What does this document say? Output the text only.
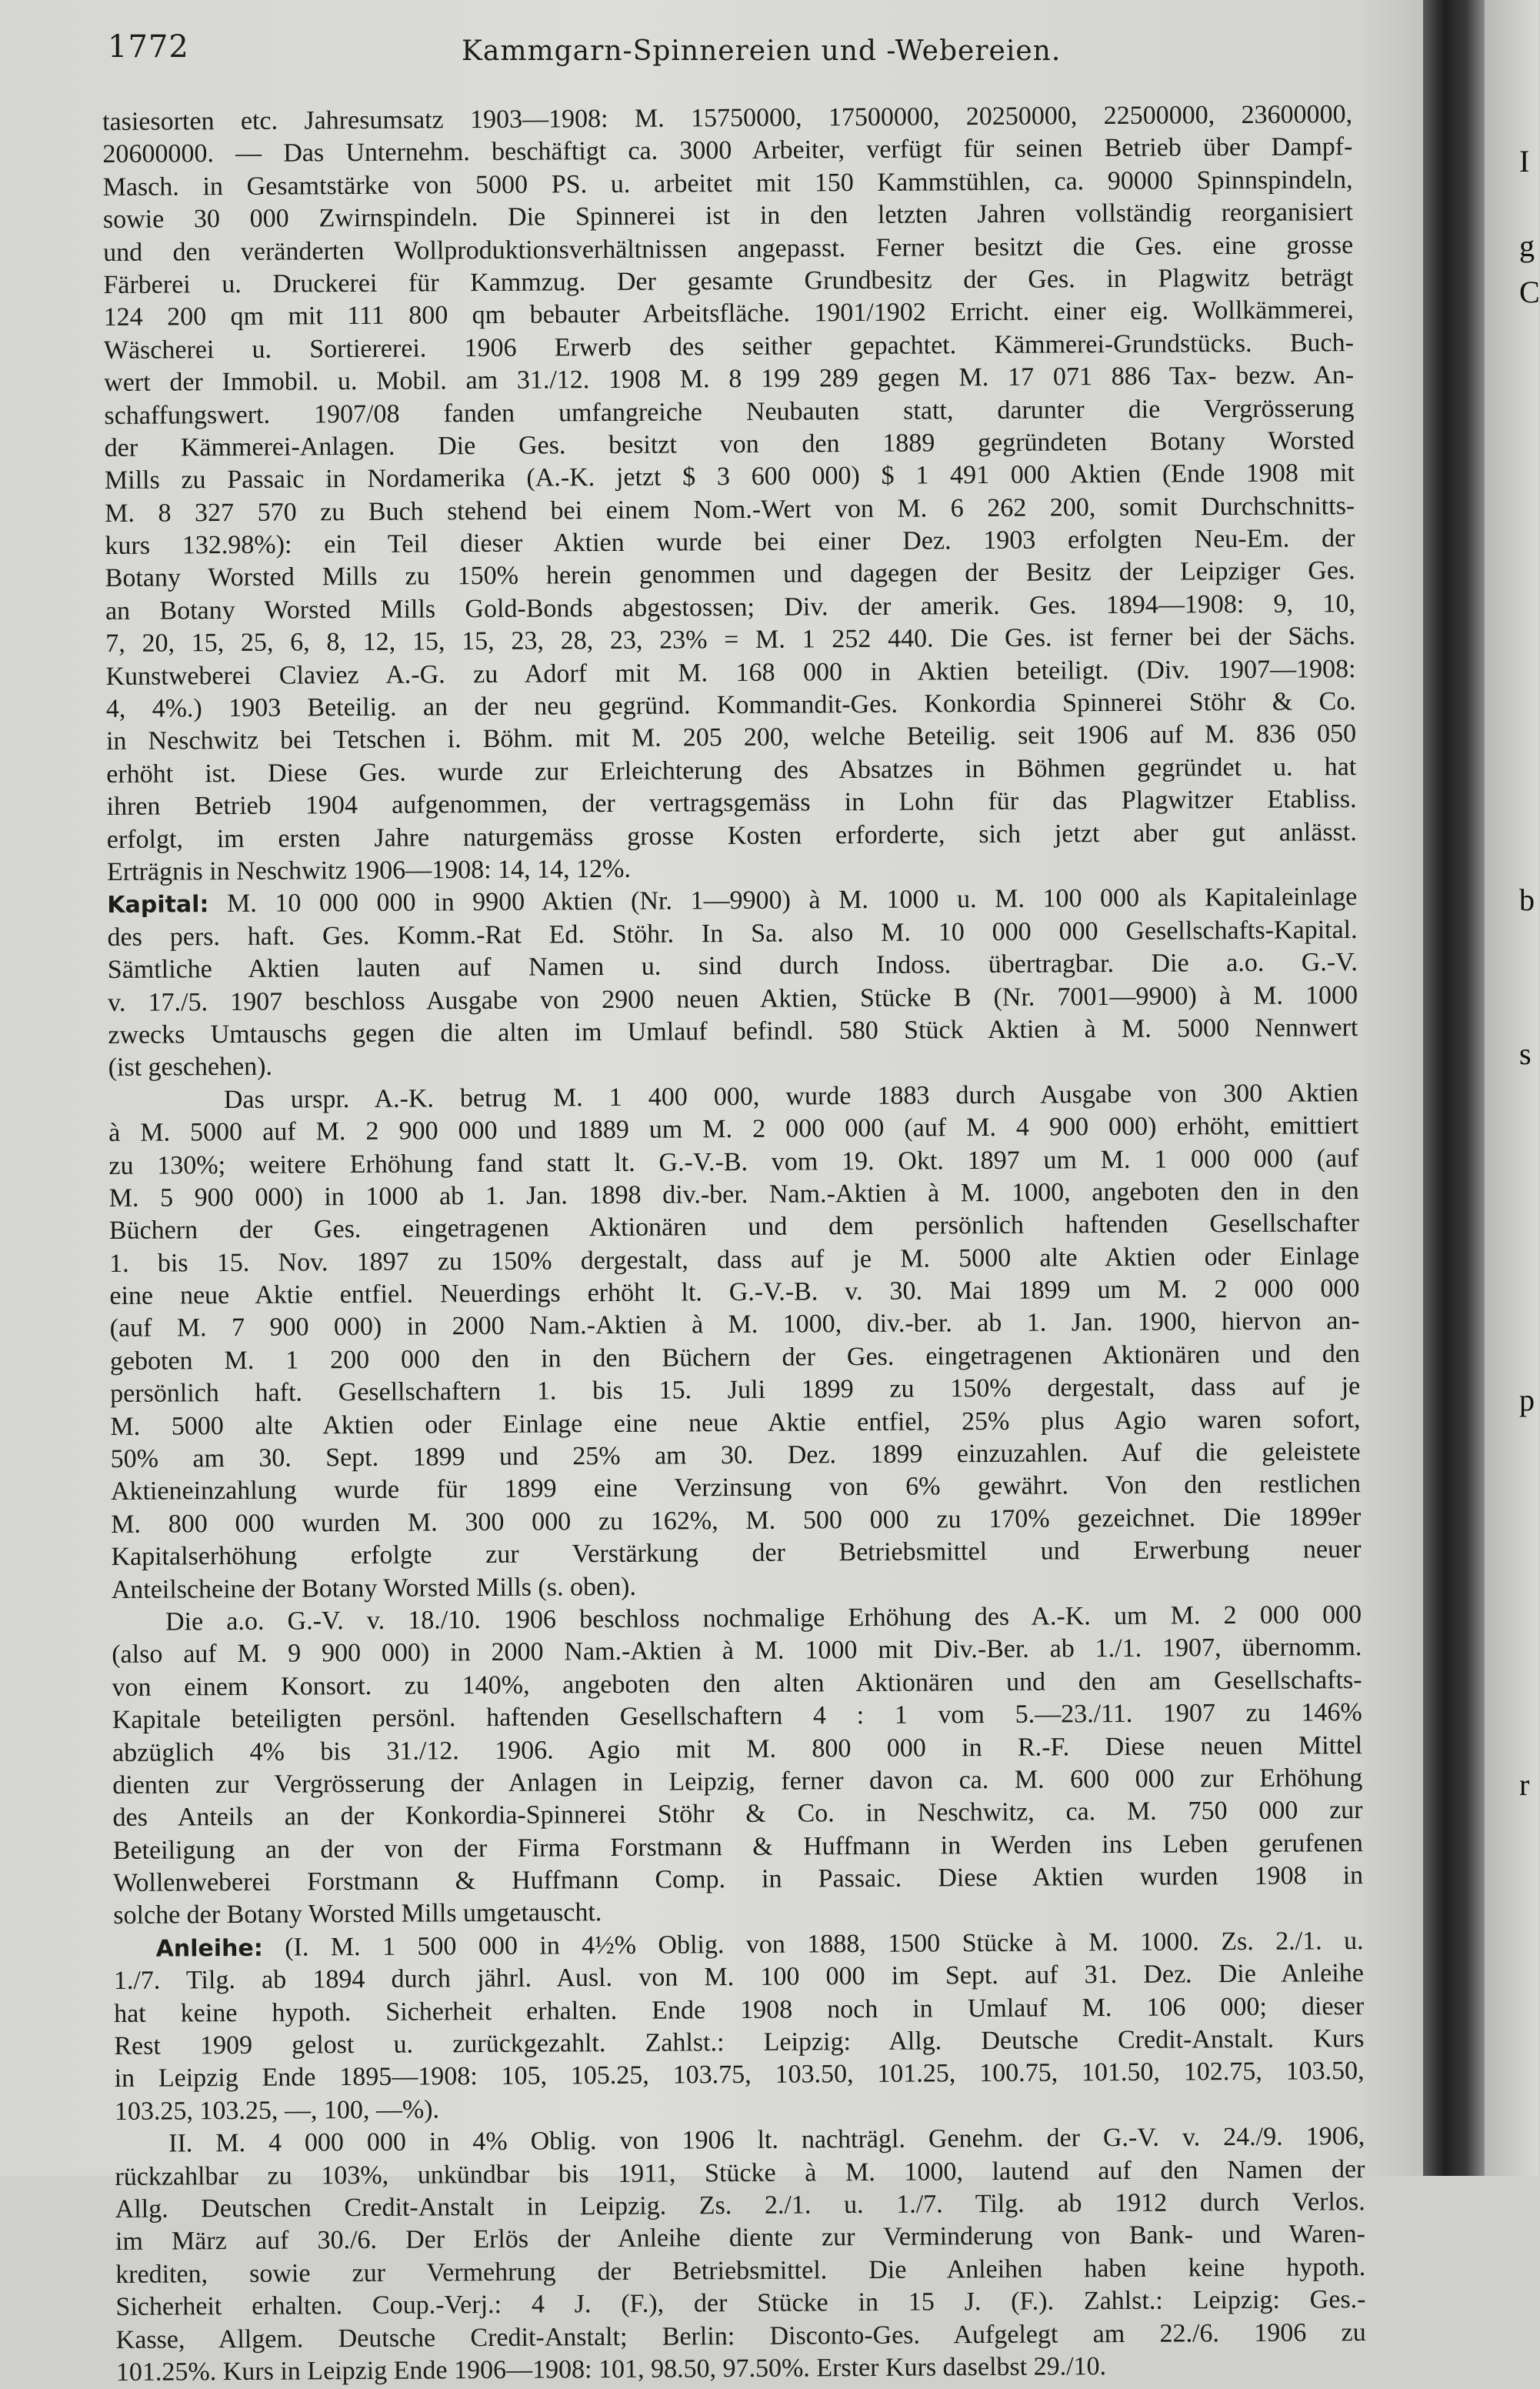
I
g
C
b
s
p
r
1772	Kammgarn-Spinnereien und -Webereien.

tasiesorten etc. Jahresumsatz 1903—1908: M. 15750000, 17500000, 20250000, 22500000, 23600000,
20600000. — Das Unternehm. beschäftigt ca. 3000 Arbeiter, verfügt für seinen Betrieb über Dampf-
Masch. in Gesamtstärke von 5000 PS. u. arbeitet mit 150 Kammstühlen, ca. 90000 Spinnspindeln,
sowie 30 000 Zwirnspindeln. Die Spinnerei ist in den letzten Jahren vollständig reorganisiert
und den veränderten Wollproduktionsverhältnissen angepasst. Ferner besitzt die Ges. eine grosse
Färberei u. Druckerei für Kammzug. Der gesamte Grundbesitz der Ges. in Plagwitz beträgt
124 200 qm mit 111 800 qm bebauter Arbeitsfläche. 1901/1902 Erricht. einer eig. Wollkämmerei,
Wäscherei u. Sortiererei. 1906 Erwerb des seither gepachtet. Kämmerei-Grundstücks. Buch-
wert der Immobil. u. Mobil. am 31./12. 1908 M. 8 199 289 gegen M. 17 071 886 Tax- bezw. An-
schaffungswert. 1907/08 fanden umfangreiche Neubauten statt, darunter die Vergrösserung
der Kämmerei-Anlagen. Die Ges. besitzt von den 1889 gegründeten Botany Worsted
Mills zu Passaic in Nordamerika (A.-K. jetzt $ 3 600 000) $ 1 491 000 Aktien (Ende 1908 mit
M. 8 327 570 zu Buch stehend bei einem Nom.-Wert von M. 6 262 200, somit Durchschnitts-
kurs 132.98%): ein Teil dieser Aktien wurde bei einer Dez. 1903 erfolgten Neu-Em. der
Botany Worsted Mills zu 150% herein genommen und dagegen der Besitz der Leipziger Ges.
an Botany Worsted Mills Gold-Bonds abgestossen; Div. der amerik. Ges. 1894—1908: 9, 10,
7, 20, 15, 25, 6, 8, 12, 15, 15, 23, 28, 23, 23% = M. 1 252 440. Die Ges. ist ferner bei der Sächs.
Kunstweberei Claviez A.-G. zu Adorf mit M. 168 000 in Aktien beteiligt. (Div. 1907—1908:
4, 4%.) 1903 Beteilig. an der neu gegründ. Kommandit-Ges. Konkordia Spinnerei Stöhr & Co.
in Neschwitz bei Tetschen i. Böhm. mit M. 205 200, welche Beteilig. seit 1906 auf M. 836 050
erhöht ist. Diese Ges. wurde zur Erleichterung des Absatzes in Böhmen gegründet u. hat
ihren Betrieb 1904 aufgenommen, der vertragsgemäss in Lohn für das Plagwitzer Etabliss.
erfolgt, im ersten Jahre naturgemäss grosse Kosten erforderte, sich jetzt aber gut anlässt.
Erträgnis in Neschwitz 1906—1908: 14, 14, 12%.

Kapital: M. 10 000 000 in 9900 Aktien (Nr. 1—9900) à M. 1000 u. M. 100 000 als Kapitaleinlage
des pers. haft. Ges. Komm.-Rat Ed. Stöhr. In Sa. also M. 10 000 000 Gesellschafts-Kapital.
Sämtliche Aktien lauten auf Namen u. sind durch Indoss. übertragbar. Die a.o. G.-V.
v. 17./5. 1907 beschloss Ausgabe von 2900 neuen Aktien, Stücke B (Nr. 7001—9900) à M. 1000
zwecks Umtauschs gegen die alten im Umlauf befindl. 580 Stück Aktien à M. 5000 Nennwert
(ist geschehen).

Das urspr. A.-K. betrug M. 1 400 000, wurde 1883 durch Ausgabe von 300 Aktien
à M. 5000 auf M. 2 900 000 und 1889 um M. 2 000 000 (auf M. 4 900 000) erhöht, emittiert
zu 130%; weitere Erhöhung fand statt lt. G.-V.-B. vom 19. Okt. 1897 um M. 1 000 000 (auf
M. 5 900 000) in 1000 ab 1. Jan. 1898 div.-ber. Nam.-Aktien à M. 1000, angeboten den in den
Büchern der Ges. eingetragenen Aktionären und dem persönlich haftenden Gesellschafter
1. bis 15. Nov. 1897 zu 150% dergestalt, dass auf je M. 5000 alte Aktien oder Einlage
eine neue Aktie entfiel. Neuerdings erhöht lt. G.-V.-B. v. 30. Mai 1899 um M. 2 000 000
(auf M. 7 900 000) in 2000 Nam.-Aktien à M. 1000, div.-ber. ab 1. Jan. 1900, hiervon an-
geboten M. 1 200 000 den in den Büchern der Ges. eingetragenen Aktionären und den
persönlich haft. Gesellschaftern 1. bis 15. Juli 1899 zu 150% dergestalt, dass auf je
M. 5000 alte Aktien oder Einlage eine neue Aktie entfiel, 25% plus Agio waren sofort,
50% am 30. Sept. 1899 und 25% am 30. Dez. 1899 einzuzahlen. Auf die geleistete
Aktieneinzahlung wurde für 1899 eine Verzinsung von 6% gewährt. Von den restlichen
M. 800 000 wurden M. 300 000 zu 162%, M. 500 000 zu 170% gezeichnet. Die 1899er
Kapitalserhöhung erfolgte zur Verstärkung der Betriebsmittel und Erwerbung neuer
Anteilscheine der Botany Worsted Mills (s. oben).

Die a.o. G.-V. v. 18./10. 1906 beschloss nochmalige Erhöhung des A.-K. um M. 2 000 000
(also auf M. 9 900 000) in 2000 Nam.-Aktien à M. 1000 mit Div.-Ber. ab 1./1. 1907, übernomm.
von einem Konsort. zu 140%, angeboten den alten Aktionären und den am Gesellschafts-
Kapitale beteiligten persönl. haftenden Gesellschaftern 4 : 1 vom 5.—23./11. 1907 zu 146%
abzüglich 4% bis 31./12. 1906. Agio mit M. 800 000 in R.-F. Diese neuen Mittel
dienten zur Vergrösserung der Anlagen in Leipzig, ferner davon ca. M. 600 000 zur Erhöhung
des Anteils an der Konkordia-Spinnerei Stöhr & Co. in Neschwitz, ca. M. 750 000 zur
Beteiligung an der von der Firma Forstmann & Huffmann in Werden ins Leben gerufenen
Wollenweberei Forstmann & Huffmann Comp. in Passaic. Diese Aktien wurden 1908 in
solche der Botany Worsted Mills umgetauscht.

Anleihe: (I. M. 1 500 000 in 4½% Oblig. von 1888, 1500 Stücke à M. 1000. Zs. 2./1. u.
1./7. Tilg. ab 1894 durch jährl. Ausl. von M. 100 000 im Sept. auf 31. Dez. Die Anleihe
hat keine hypoth. Sicherheit erhalten. Ende 1908 noch in Umlauf M. 106 000; dieser
Rest 1909 gelost u. zurückgezahlt. Zahlst.: Leipzig: Allg. Deutsche Credit-Anstalt. Kurs
in Leipzig Ende 1895—1908: 105, 105.25, 103.75, 103.50, 101.25, 100.75, 101.50, 102.75, 103.50,
103.25, 103.25, —, 100, —%).

II. M. 4 000 000 in 4% Oblig. von 1906 lt. nachträgl. Genehm. der G.-V. v. 24./9. 1906,
rückzahlbar zu 103%, unkündbar bis 1911, Stücke à M. 1000, lautend auf den Namen der
Allg. Deutschen Credit-Anstalt in Leipzig. Zs. 2./1. u. 1./7. Tilg. ab 1912 durch Verlos.
im März auf 30./6. Der Erlös der Anleihe diente zur Verminderung von Bank- und Waren-
krediten, sowie zur Vermehrung der Betriebsmittel. Die Anleihen haben keine hypoth.
Sicherheit erhalten. Coup.-Verj.: 4 J. (F.), der Stücke in 15 J. (F.). Zahlst.: Leipzig: Ges.-
Kasse, Allgem. Deutsche Credit-Anstalt; Berlin: Disconto-Ges. Aufgelegt am 22./6. 1906 zu
101.25%. Kurs in Leipzig Ende 1906—1908: 101, 98.50, 97.50%. Erster Kurs daselbst 29./10.
